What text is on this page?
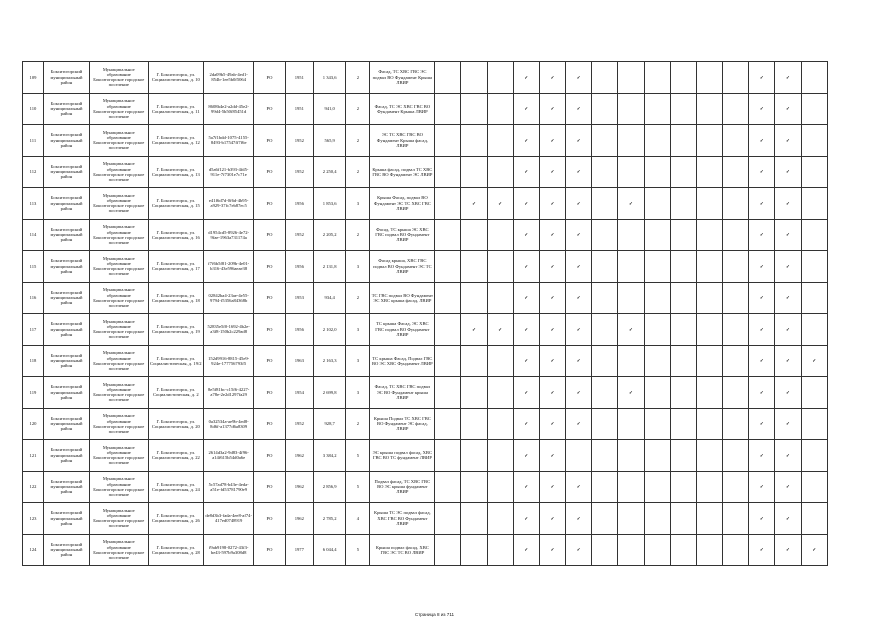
109	Бокситогорский муниципальный район	Муниципальное образование Бокситогорское городское поселение	Г. Бокситогорск, ул. Социалистическая, д. 10	2da09b5-49ab-4ed1-854b-1ee5b0f5064	РО	1951	1 343,6	2	Фасад, ТС ХВС ГВС ЭС подвал ВО Фундамент Крыша ЛВИР				✓	✓	✓							✓	✓	
110	Бокситогорский муниципальный район	Муниципальное образование Бокситогорское городское поселение	Г. Бокситогорск, ул. Социалистическая, д. 11	8608b4e2-a2dd-45e2-99d4-5b50f85451d	РО	1951	941,0	2	Фасад, ТС ЭС ХВС ГВС ВО Фундамент Крыша ЛВИР				✓	✓	✓							✓	✓	
111	Бокситогорский муниципальный район	Муниципальное образование Бокситогорское городское поселение	Г. Бокситогорск, ул. Социалистическая, д. 12	5a7f1bdd-1075-4155-8493-b17547ff7f6e	РО	1952	565,9	2	ЭС ТС ХВС ГВС ВО Фундамент Крыша фасад, ЛВИР				✓	✓	✓							✓	✓	
112	Бокситогорский муниципальный район	Муниципальное образование Бокситогорское городское поселение	Г. Бокситогорск, ул. Социалистическая, д. 13	d5a6f121-b393-4fd5-911e-7f7301e7c71e	РО	1952	2 250,4	2	Крыша фасад, подвал ТС ХВС ГВС ВО Фундамент ЭС ЛВИР				✓	✓	✓							✓	✓	
113	Бокситогорский муниципальный район	Муниципальное образование Бокситогорское городское поселение	Г. Бокситогорск, ул. Социалистическая, д. 15	e41f6d7d-0f6d-4b95-a929-37fc7eb87ec5	РО	1956	1 853,6	3	Крыша Фасад, подвал ВО Фундамент ЭС ТС ХВС ГВС ЛВИР		✓	✓	✓	✓	✓		✓					✓	✓	
114	Бокситогорский муниципальный район	Муниципальное образование Бокситогорское городское поселение	Г. Бокситогорск, ул. Социалистическая, д. 16	d1954cd5-8926-4e72-9fae-1963a731174a	РО	1952	2 205,2	2	Фасад, ТС крыша ЭС ХВС ГВС подвал ВО Фундамент ЛВИР				✓	✓	✓							✓	✓	
115	Бокситогорский муниципальный район	Муниципальное образование Бокситогорское городское поселение	Г. Бокситогорск, ул. Социалистическая, д. 17	f7f6b5f81-209b-4e01-b316-43e596aeae38	РО	1956	2 131,8	3	Фасад крыша, ХВС ГВС подвал ВО Фундамент ЭС ТС ЛВИР				✓	✓	✓							✓	✓	
116	Бокситогорский муниципальный район	Муниципальное образование Бокситогорское городское поселение	Г. Бокситогорск, ул. Социалистическая, д. 18	02842ba4-23ae-4e55-9794-f5356a84368b	РО	1953	934,4	2	ТС ГВС подвал ВО Фундамент ЭС ХВС крыша фасад, ЛВИР				✓	✓	✓							✓	✓	
117	Бокситогорский муниципальный район	Муниципальное образование Бокситогорское городское поселение	Г. Бокситогорск, ул. Социалистическая, д. 19	52835e5f0-1692-4b2e-a3f8-150b2c229ad8	РО	1956	2 102,0	3	ТС крыша Фасад, ЭС ХВС ГВС подвал ВО Фундамент ЛВИР		✓	✓	✓	✓	✓		✓					✓	✓	
118	Бокситогорский муниципальный район	Муниципальное образование Бокситогорское городское поселение	Г. Бокситогорск, ул. Социалистическая, д. 19/2	152d9916-8815-45e9-924e-177756793f5	РО	1963	2 163,3	3	ТС крыша Фасад, Подвал ГВС ВО ЭС ХВС Фундамент ЛВИР				✓	✓	✓							✓	✓	✓
119	Бокситогорский муниципальный район	Муниципальное образование Бокситогорское городское поселение	Г. Бокситогорск, ул. Социалистическая, д. 2	8e5f81bc-c15f6-4227-a78e-2e2d1297fa29	РО	1954	2 699,8	3	Фасад, ТС ХВС ГВС подвал ЭС ВО Фундамент крыша ЛВИР				✓	✓	✓		✓					✓	✓	
120	Бокситогорский муниципальный район	Муниципальное образование Бокситогорское городское поселение	Г. Бокситогорск, ул. Социалистическая, д. 20	0a32534a-ae9b-4ed8-8d6f-a1377d6a8309	РО	1952	928,7	2	Крыша Подвал ТС ХВС ГВС ВО Фундамент ЭС фасад, ЛВИР				✓	✓	✓							✓	✓	
121	Бокситогорский муниципальный район	Муниципальное образование Бокситогорское городское поселение	Г. Бокситогорск, ул. Социалистическая, д. 22	2614d3a2-9d83-4f96-a14f615b54d0a6e	РО	1962	3 384,2	5	ЭС крыша подвал фасад, ХВС ГВС ВО ТС фундамент ЛВИР				✓	✓								✓	✓	
122	Бокситогорский муниципальный район	Муниципальное образование Бокситогорское городское поселение	Г. Бокситогорск, ул. Социалистическая, д. 24	5c57ad78-b43e-4eda-a51e-fd53781790e9	РО	1962	2 856,9	5	Подвал фасад, ТС ХВС ГВС ВО ЭС крыша фундамент ЛВИР				✓	✓	✓							✓	✓	
123	Бокситогорский муниципальный район	Муниципальное образование Бокситогорское городское поселение	Г. Бокситогорск, ул. Социалистическая, д. 26	de8d3b3-fada-4ee8-af74-417ed0748919	РО	1962	2 785,2	4	Крыша ТС ЭС подвал фасад, ХВС ГВС ВО Фундамент ЛВИР				✓	✓	✓							✓	✓	
124	Бокситогорский муниципальный район	Муниципальное образование Бокситогорское городское поселение	Г. Бокситогорск, ул. Социалистическая, д. 28	f9ab9198-0272-43f3-be43-597b9a308d8	РО	1977	6 044,4	5	Крыша подвал фасад, ХВС ГВС ЭС ТС ВО ЛВИР				✓	✓	✓							✓	✓	✓
Страница 8 из 711
